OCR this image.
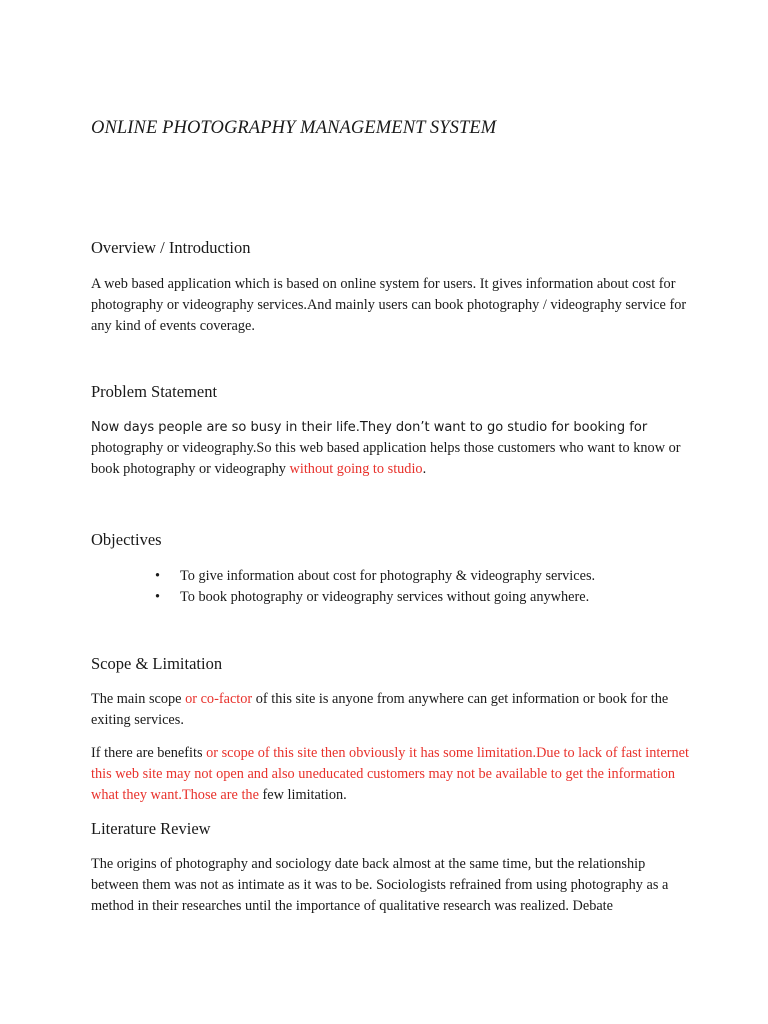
ONLINE PHOTOGRAPHY MANAGEMENT SYSTEM
Overview / Introduction

A web based application which is based on online system for users. It gives information about cost for photography or videography services.And mainly users can book photography / videography service for any kind of events coverage.

Problem Statement

Now days people are so busy in their life.They don’t want to go studio for booking for photography or videography.So this web based application helps those customers who want to know or book photography or videography without going to studio.

Objectives
• To give information about cost for photography & videography services.
• To book photography or videography services without going anywhere.
Scope & Limitation

The main scope or co-factor of this site is anyone from anywhere can get information or book for the exiting services.

If there are benefits or scope of this site then obviously it has some limitation.Due to lack of fast internet this web site may not open and also uneducated customers may not be available to get the information what they want.Those are the few limitation.

Literature Review

The origins of photography and sociology date back almost at the same time, but the relationship between them was not as intimate as it was to be. Sociologists refrained from using photography as a method in their researches until the importance of qualitative research was realized. Debate
